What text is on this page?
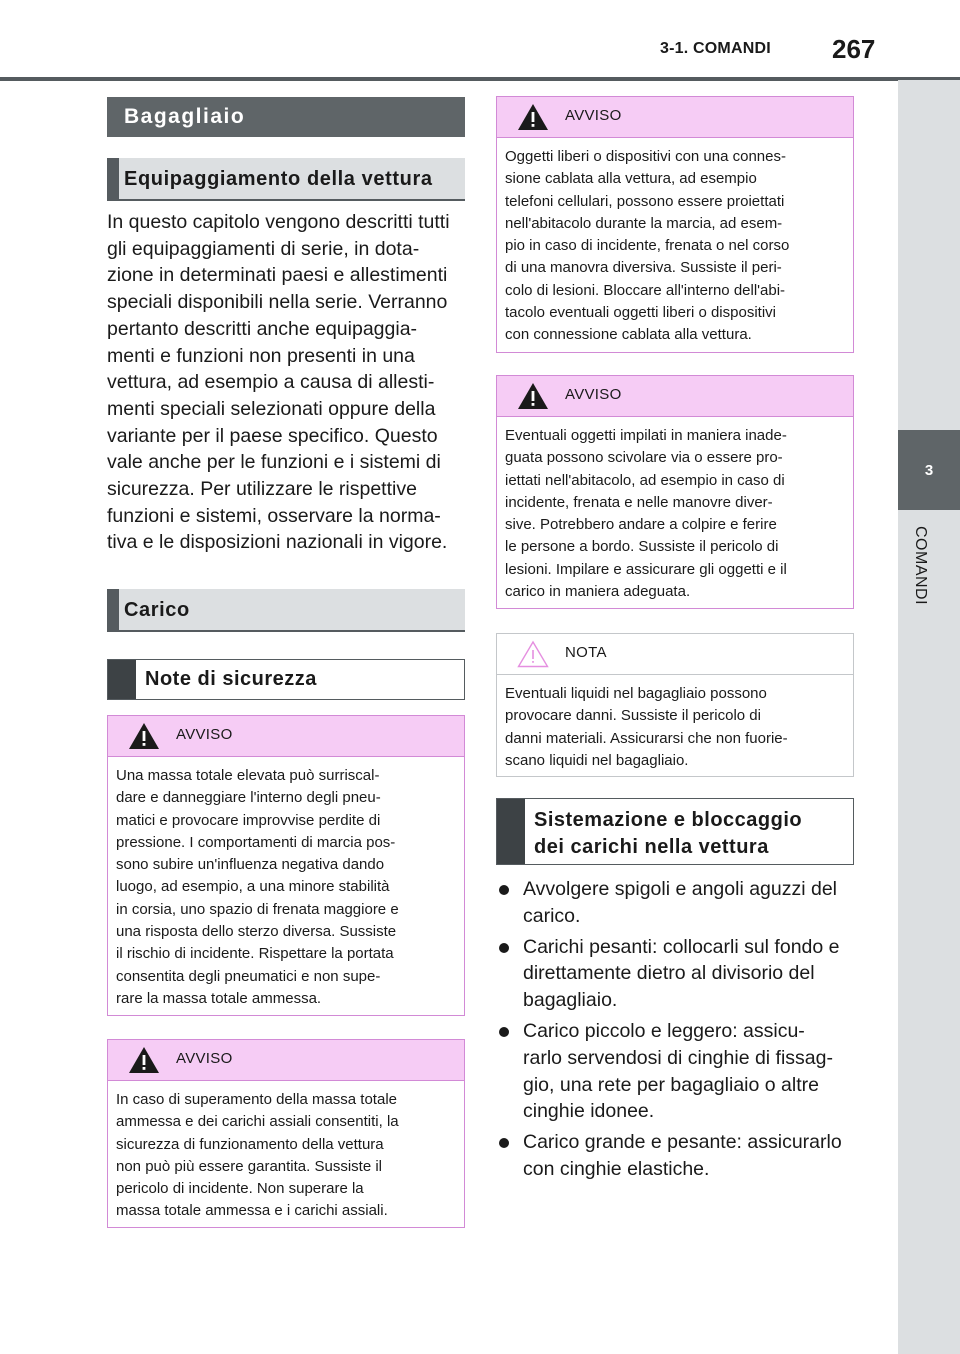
3-1. COMANDI 267
3
COMANDI
Bagagliaio
Equipaggiamento della vettura
In questo capitolo vengono descritti tutti
gli equipaggiamenti di serie, in dota-
zione in determinati paesi e allestimenti
speciali disponibili nella serie. Verranno
pertanto descritti anche equipaggia-
menti e funzioni non presenti in una
vettura, ad esempio a causa di allesti-
menti speciali selezionati oppure della
variante per il paese specifico. Questo
vale anche per le funzioni e i sistemi di
sicurezza. Per utilizzare le rispettive
funzioni e sistemi, osservare la norma-
tiva e le disposizioni nazionali in vigore.
Carico
Note di sicurezza
AVVISO
Una massa totale elevata può surriscal-
dare e danneggiare l'interno degli pneu-
matici e provocare improvvise perdite di
pressione. I comportamenti di marcia pos-
sono subire un'influenza negativa dando
luogo, ad esempio, a una minore stabilità
in corsia, uno spazio di frenata maggiore e
una risposta dello sterzo diversa. Sussiste
il rischio di incidente. Rispettare la portata
consentita degli pneumatici e non supe-
rare la massa totale ammessa.
AVVISO
In caso di superamento della massa totale
ammessa e dei carichi assiali consentiti, la
sicurezza di funzionamento della vettura
non può più essere garantita. Sussiste il
pericolo di incidente. Non superare la
massa totale ammessa e i carichi assiali.
AVVISO
Oggetti liberi o dispositivi con una connes-
sione cablata alla vettura, ad esempio
telefoni cellulari, possono essere proiettati
nell'abitacolo durante la marcia, ad esem-
pio in caso di incidente, frenata o nel corso
di una manovra diversiva. Sussiste il peri-
colo di lesioni. Bloccare all'interno dell'abi-
tacolo eventuali oggetti liberi o dispositivi
con connessione cablata alla vettura.
AVVISO
Eventuali oggetti impilati in maniera inade-
guata possono scivolare via o essere pro-
iettati nell'abitacolo, ad esempio in caso di
incidente, frenata e nelle manovre diver-
sive. Potrebbero andare a colpire e ferire
le persone a bordo. Sussiste il pericolo di
lesioni. Impilare e assicurare gli oggetti e il
carico in maniera adeguata.
NOTA
Eventuali liquidi nel bagagliaio possono
provocare danni. Sussiste il pericolo di
danni materiali. Assicurarsi che non fuorie-
scano liquidi nel bagagliaio.
Sistemazione e bloccaggio
dei carichi nella vettura
Avvolgere spigoli e angoli aguzzi del
carico.
Carichi pesanti: collocarli sul fondo e
direttamente dietro al divisorio del
bagagliaio.
Carico piccolo e leggero: assicu-
rarlo servendosi di cinghie di fissag-
gio, una rete per bagagliaio o altre
cinghie idonee.
Carico grande e pesante: assicurarlo
con cinghie elastiche.
